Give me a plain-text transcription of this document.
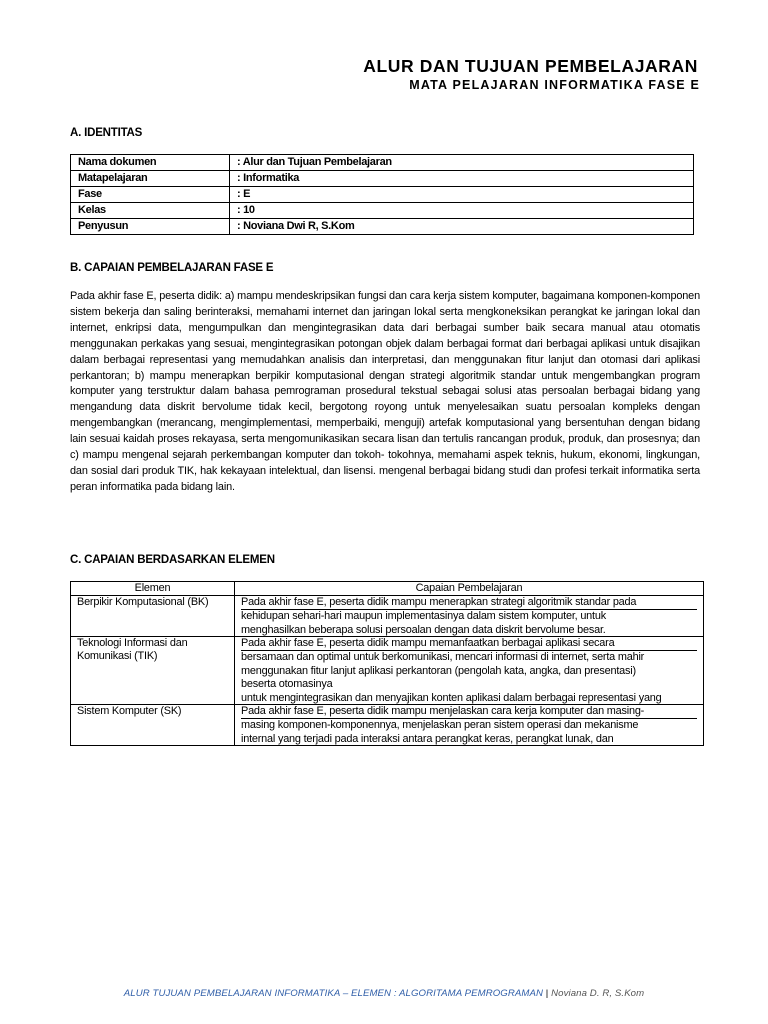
ALUR DAN TUJUAN PEMBELAJARAN
MATA PELAJARAN INFORMATIKA FASE E
A. IDENTITAS
Nama dokumen	: Alur dan Tujuan Pembelajaran
Matapelajaran	: Informatika
Fase	: E
Kelas	: 10
Penyusun	: Noviana Dwi R, S.Kom
B. CAPAIAN PEMBELAJARAN FASE E
Pada akhir fase E, peserta didik: a) mampu mendeskripsikan fungsi dan cara kerja sistem komputer, bagaimana komponen-komponen sistem bekerja dan saling berinteraksi, memahami internet dan jaringan lokal serta mengkoneksikan perangkat ke jaringan lokal dan internet, enkripsi data, mengumpulkan dan mengintegrasikan data dari berbagai sumber baik secara manual atau otomatis menggunakan perkakas yang sesuai, mengintegrasikan potongan objek dalam berbagai format dari berbagai aplikasi untuk disajikan dalam berbagai representasi yang memudahkan analisis dan interpretasi, dan menggunakan fitur lanjut dan otomasi dari aplikasi perkantoran; b) mampu menerapkan berpikir komputasional dengan strategi algoritmik standar untuk mengembangkan program komputer yang terstruktur dalam bahasa pemrograman prosedural tekstual sebagai solusi atas persoalan berbagai bidang yang mengandung data diskrit bervolume tidak kecil, bergotong royong untuk menyelesaikan suatu persoalan kompleks dengan mengembangkan (merancang, mengimplementasi, memperbaiki, menguji) artefak komputasional yang bersentuhan dengan bidang lain sesuai kaidah proses rekayasa, serta mengomunikasikan secara lisan dan tertulis rancangan produk, produk, dan prosesnya; dan c) mampu mengenal sejarah perkembangan komputer dan tokoh- tokohnya, memahami aspek teknis, hukum, ekonomi, lingkungan, dan sosial dari produk TIK, hak kekayaan intelektual, dan lisensi. mengenal berbagai bidang studi dan profesi terkait informatika serta peran informatika pada bidang lain.
C. CAPAIAN BERDASARKAN ELEMEN
Elemen	Capaian Pembelajaran
Berpikir Komputasional (BK)	Pada akhir fase E, peserta didik mampu menerapkan strategi algoritmik standar pada
kehidupan sehari-hari maupun implementasinya dalam sistem komputer, untuk
menghasilkan beberapa solusi persoalan dengan data diskrit bervolume besar.

Teknologi Informasi dan
Komunikasi (TIK)	Pada akhir fase E, peserta didik mampu memanfaatkan berbagai aplikasi secara
bersamaan dan optimal untuk berkomunikasi, mencari informasi di internet, serta mahir
menggunakan fitur lanjut aplikasi perkantoran (pengolah kata, angka, dan presentasi)
beserta otomasinya
untuk mengintegrasikan dan menyajikan konten aplikasi dalam berbagai representasi yang

Sistem Komputer (SK)	Pada akhir fase E, peserta didik mampu menjelaskan cara kerja komputer dan masing-
masing komponen-komponennya, menjelaskan peran sistem operasi dan mekanisme
internal yang terjadi pada interaksi antara perangkat keras, perangkat lunak, dan
ALUR TUJUAN PEMBELAJARAN INFORMATIKA – ELEMEN : ALGORITAMA PEMROGRAMAN | Noviana D. R, S.Kom
